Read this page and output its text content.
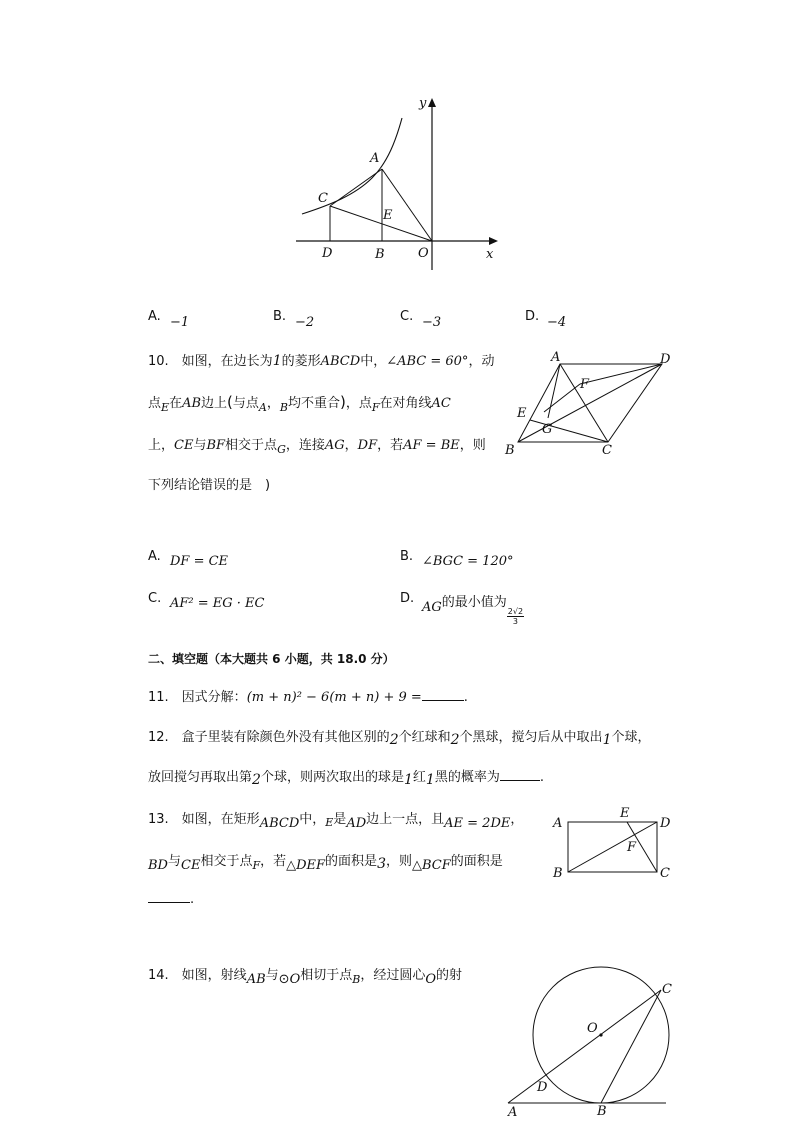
y
x
A
C
E
D	B	O
A. −1	B. −2	C. −3	D. −4
10.　如图，在边长为1的菱形ABCD中，∠ABC = 60°，动
点$_E$在AB边上(与点$_A$，$_B$均不重合)，点$_F$在对角线AC
上，CE与BF相交于点$_G$，连接AG，DF，若AF = BE，则
下列结论错误的是　)
A	D
F
E
G
B	C
A. DF = CE	B. ∠BGC = 120°
C. AF² = EG · EC	D.
AG的最小值为
$\frac{2√2}{3}$
二、填空题（本大题共 6 小题，共 18.0 分）
11.　因式分解：(m + n)² − 6(m + n) + 9 =	.
12.　盒子里装有除颜色外没有其他区别的2个红球和2个黑球，搅匀后从中取出1个球，
放回搅匀再取出第2个球，则两次取出的球是1红1黑的概率为	.
13.　如图，在矩形ABCD中，$_E$是AD边上一点，且AE = 2DE，
BD与CE相交于点$_F$，若△DEF的面积是3，则△BCF的面积是
.
A
E
D
F
B	C
14.　如图，射线AB与⊙O相切于点$_B$，经过圆心O的射
C
O
D
A	B
